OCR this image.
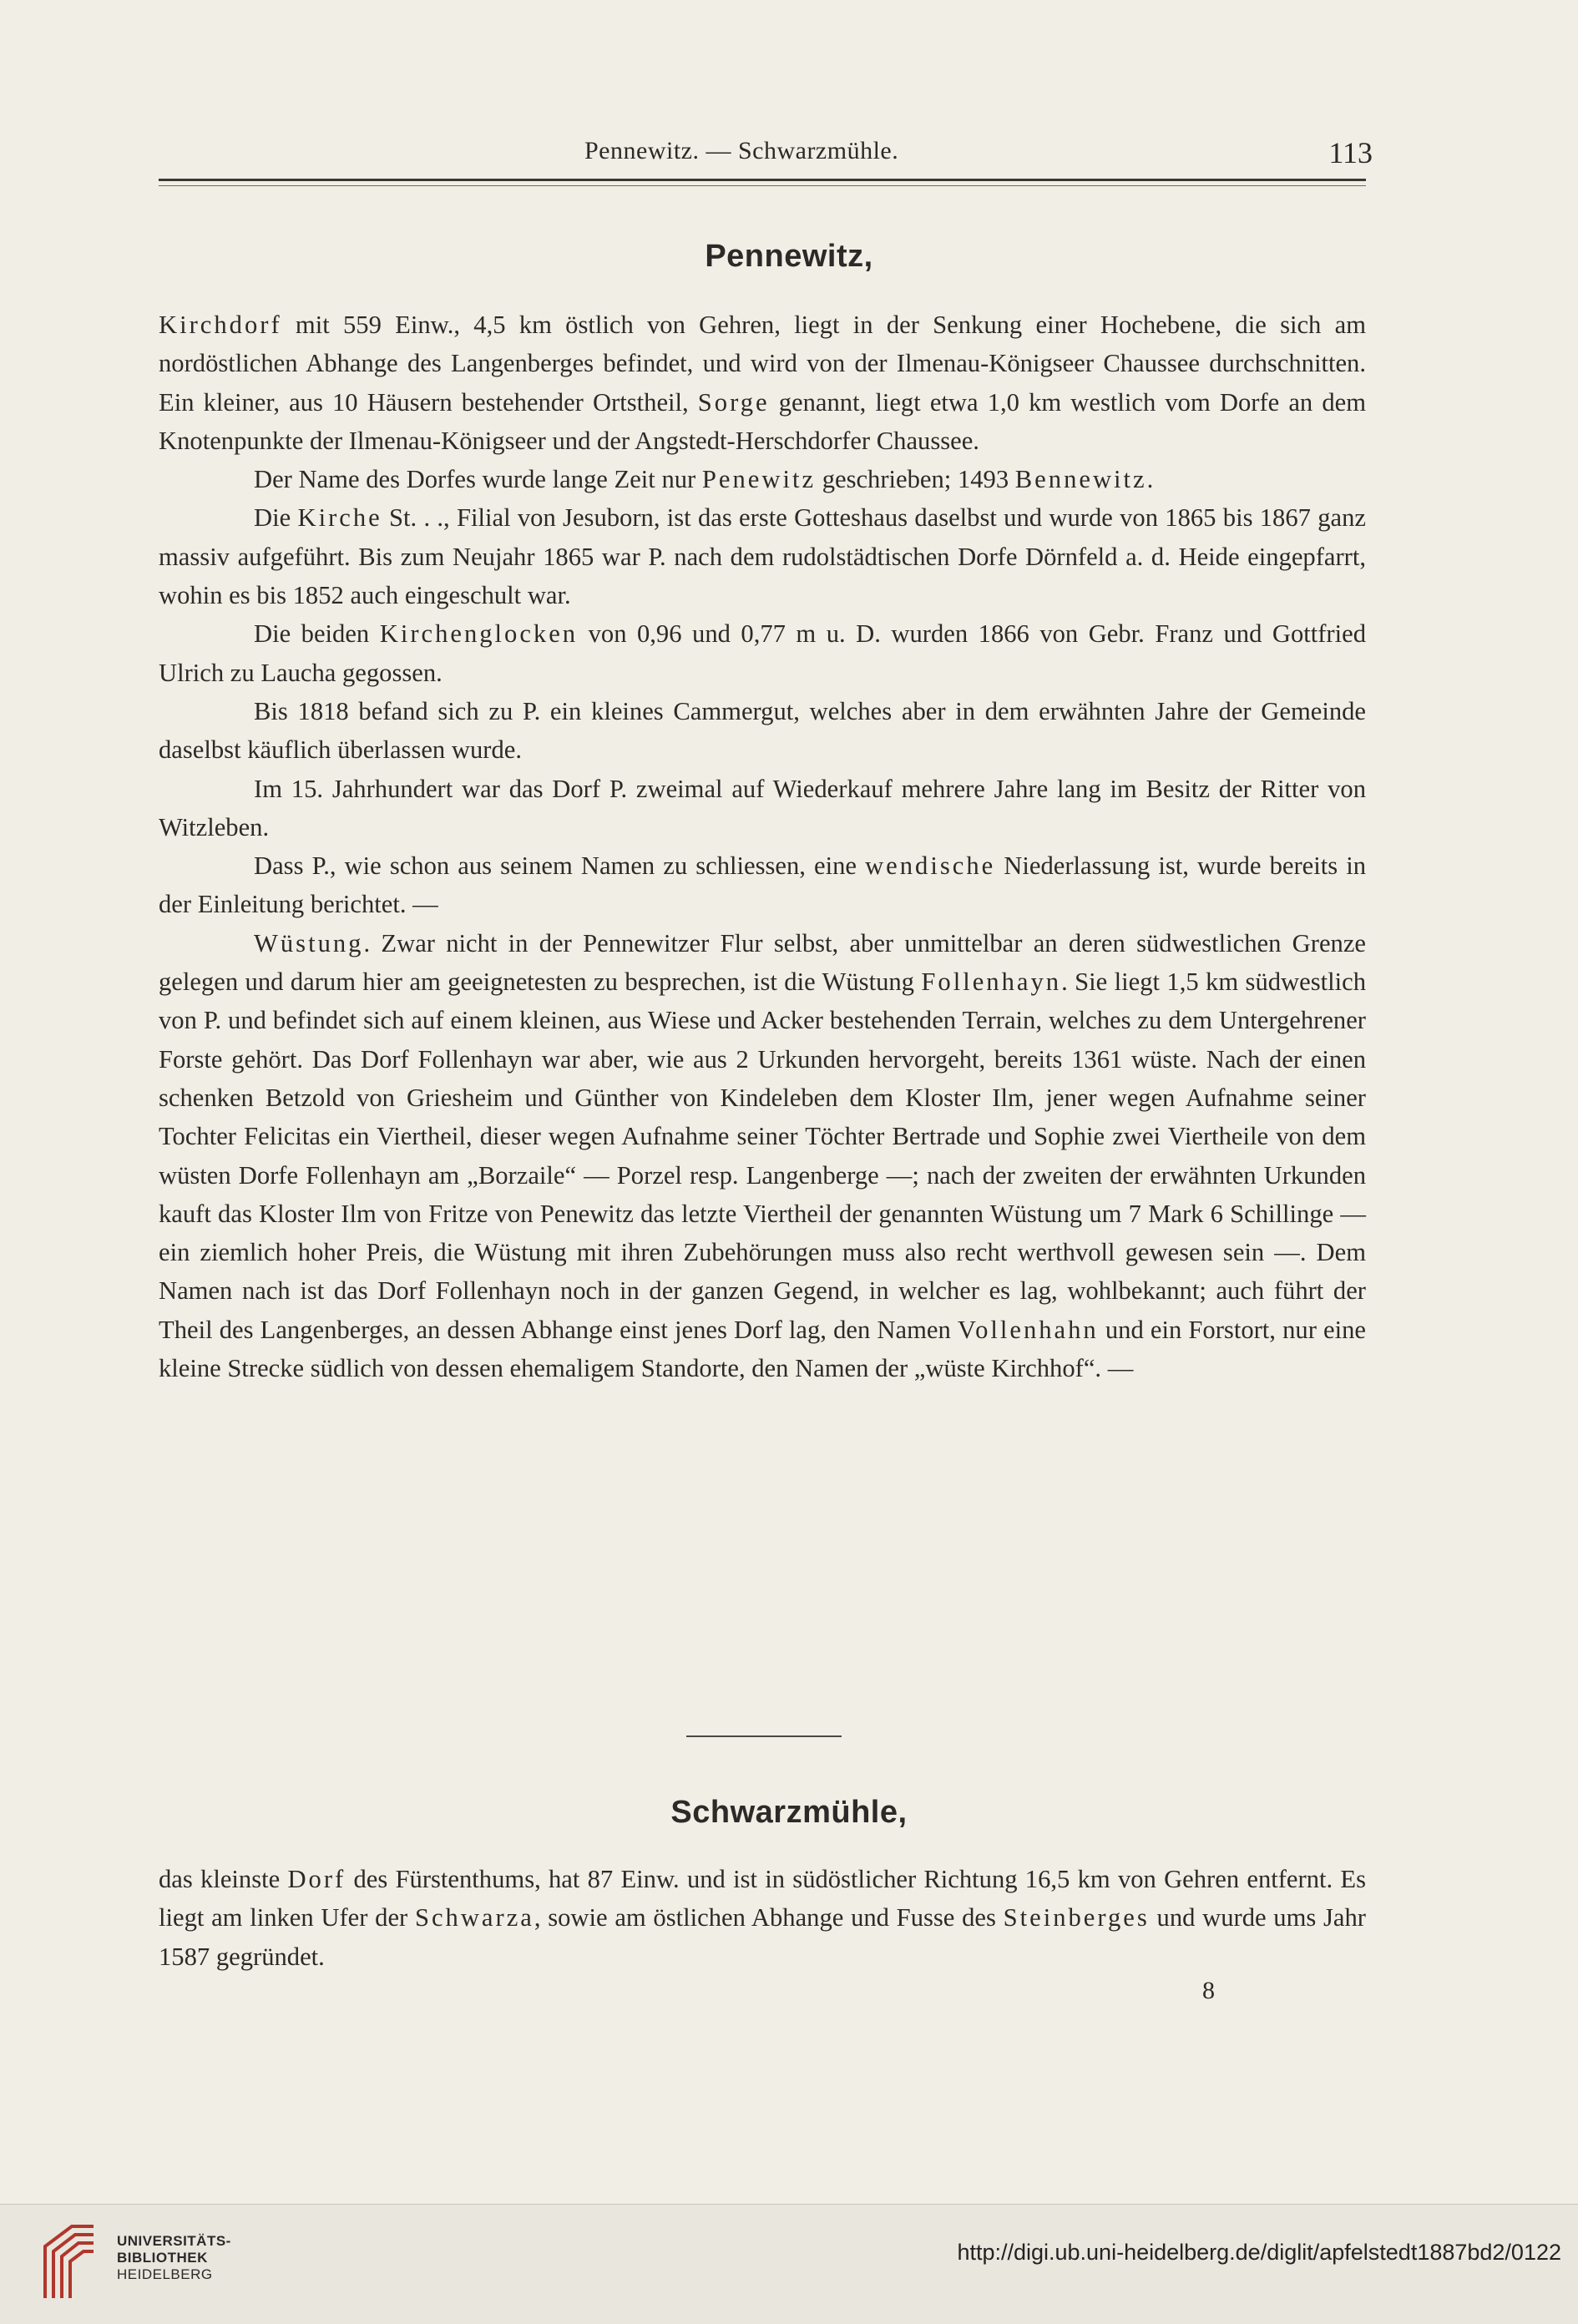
Pennewitz. — Schwarzmühle.	113
Pennewitz,

Kirchdorf mit 559 Einw., 4,5 km östlich von Gehren, liegt in der Senkung einer Hochebene, die sich am nordöstlichen Abhange des Langenberges befindet, und wird von der Ilmenau-Königseer Chaussee durchschnitten. Ein kleiner, aus 10 Häusern bestehender Ortstheil, Sorge genannt, liegt etwa 1,0 km westlich vom Dorfe an dem Knotenpunkte der Ilmenau-Königseer und der Angstedt-Herschdorfer Chaussee.

Der Name des Dorfes wurde lange Zeit nur Penewitz geschrieben; 1493 Bennewitz.

Die Kirche St. . ., Filial von Jesuborn, ist das erste Gotteshaus daselbst und wurde von 1865 bis 1867 ganz massiv aufgeführt. Bis zum Neujahr 1865 war P. nach dem rudolstädtischen Dorfe Dörnfeld a. d. Heide eingepfarrt, wohin es bis 1852 auch eingeschult war.

Die beiden Kirchenglocken von 0,96 und 0,77 m u. D. wurden 1866 von Gebr. Franz und Gottfried Ulrich zu Laucha gegossen.

Bis 1818 befand sich zu P. ein kleines Cammergut, welches aber in dem erwähnten Jahre der Gemeinde daselbst käuflich überlassen wurde.

Im 15. Jahrhundert war das Dorf P. zweimal auf Wiederkauf mehrere Jahre lang im Besitz der Ritter von Witzleben.

Dass P., wie schon aus seinem Namen zu schliessen, eine wendische Niederlassung ist, wurde bereits in der Einleitung berichtet. —

Wüstung. Zwar nicht in der Pennewitzer Flur selbst, aber unmittelbar an deren südwestlichen Grenze gelegen und darum hier am geeignetesten zu besprechen, ist die Wüstung Follenhayn. Sie liegt 1,5 km südwestlich von P. und befindet sich auf einem kleinen, aus Wiese und Acker bestehenden Terrain, welches zu dem Untergehrener Forste gehört. Das Dorf Follenhayn war aber, wie aus 2 Urkunden hervorgeht, bereits 1361 wüste. Nach der einen schenken Betzold von Griesheim und Günther von Kindeleben dem Kloster Ilm, jener wegen Aufnahme seiner Tochter Felicitas ein Viertheil, dieser wegen Aufnahme seiner Töchter Bertrade und Sophie zwei Viertheile von dem wüsten Dorfe Follenhayn am „Borzaile“ — Porzel resp. Langenberge —; nach der zweiten der erwähnten Urkunden kauft das Kloster Ilm von Fritze von Penewitz das letzte Viertheil der genannten Wüstung um 7 Mark 6 Schillinge — ein ziemlich hoher Preis, die Wüstung mit ihren Zubehörungen muss also recht werthvoll gewesen sein —. Dem Namen nach ist das Dorf Follenhayn noch in der ganzen Gegend, in welcher es lag, wohlbekannt; auch führt der Theil des Langenberges, an dessen Abhange einst jenes Dorf lag, den Namen Vollenhahn und ein Forstort, nur eine kleine Strecke südlich von dessen ehemaligem Standorte, den Namen der „wüste Kirchhof“. —

Schwarzmühle,

das kleinste Dorf des Fürstenthums, hat 87 Einw. und ist in südöstlicher Richtung 16,5 km von Gehren entfernt. Es liegt am linken Ufer der Schwarza, sowie am östlichen Abhange und Fusse des Steinberges und wurde ums Jahr 1587 gegründet.

8
UNIVERSITÄTS-
BIBLIOTHEK
HEIDELBERG
http://digi.ub.uni-heidelberg.de/diglit/apfelstedt1887bd2/0122
